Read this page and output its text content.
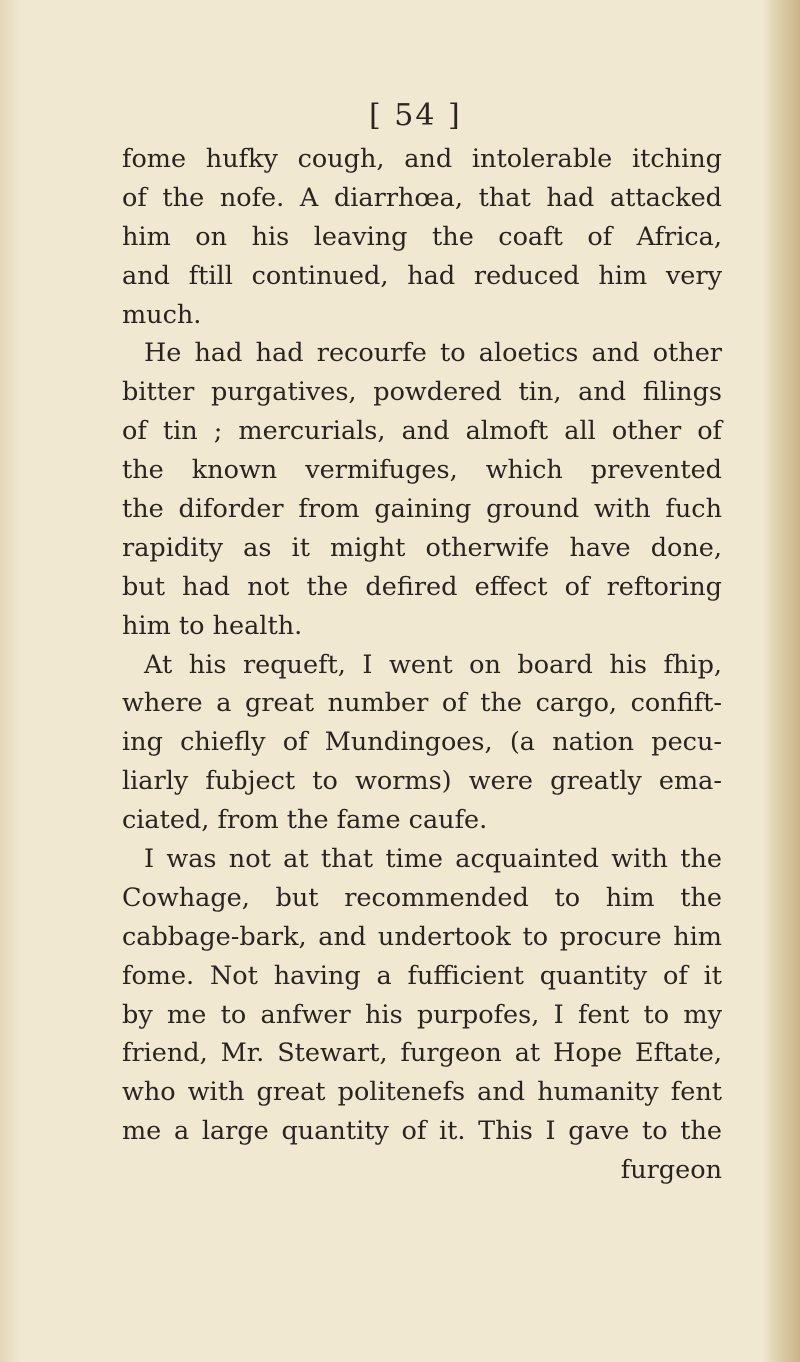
[ 54 ]
fome hufky cough, and intolerable itching
of the nofe. A diarrhœa, that had attacked
him on his leaving the coaft of Africa,
and ftill continued, had reduced him very
much.
He had had recourfe to aloetics and other
bitter purgatives, powdered tin, and filings
of tin ; mercurials, and almoft all other of
the known vermifuges, which prevented
the diforder from gaining ground with fuch
rapidity as it might otherwife have done,
but had not the defired effect of reftoring
him to health.
At his requeft, I went on board his fhip,
where a great number of the cargo, confift-
ing chiefly of Mundingoes, (a nation pecu-
liarly fubject to worms) were greatly ema-
ciated, from the fame caufe.
I was not at that time acquainted with the
Cowhage, but recommended to him the
cabbage-bark, and undertook to procure him
fome. Not having a fufficient quantity of it
by me to anfwer his purpofes, I fent to my
friend, Mr. Stewart, furgeon at Hope Eftate,
who with great politenefs and humanity fent
me a large quantity of it. This I gave to the
furgeon
